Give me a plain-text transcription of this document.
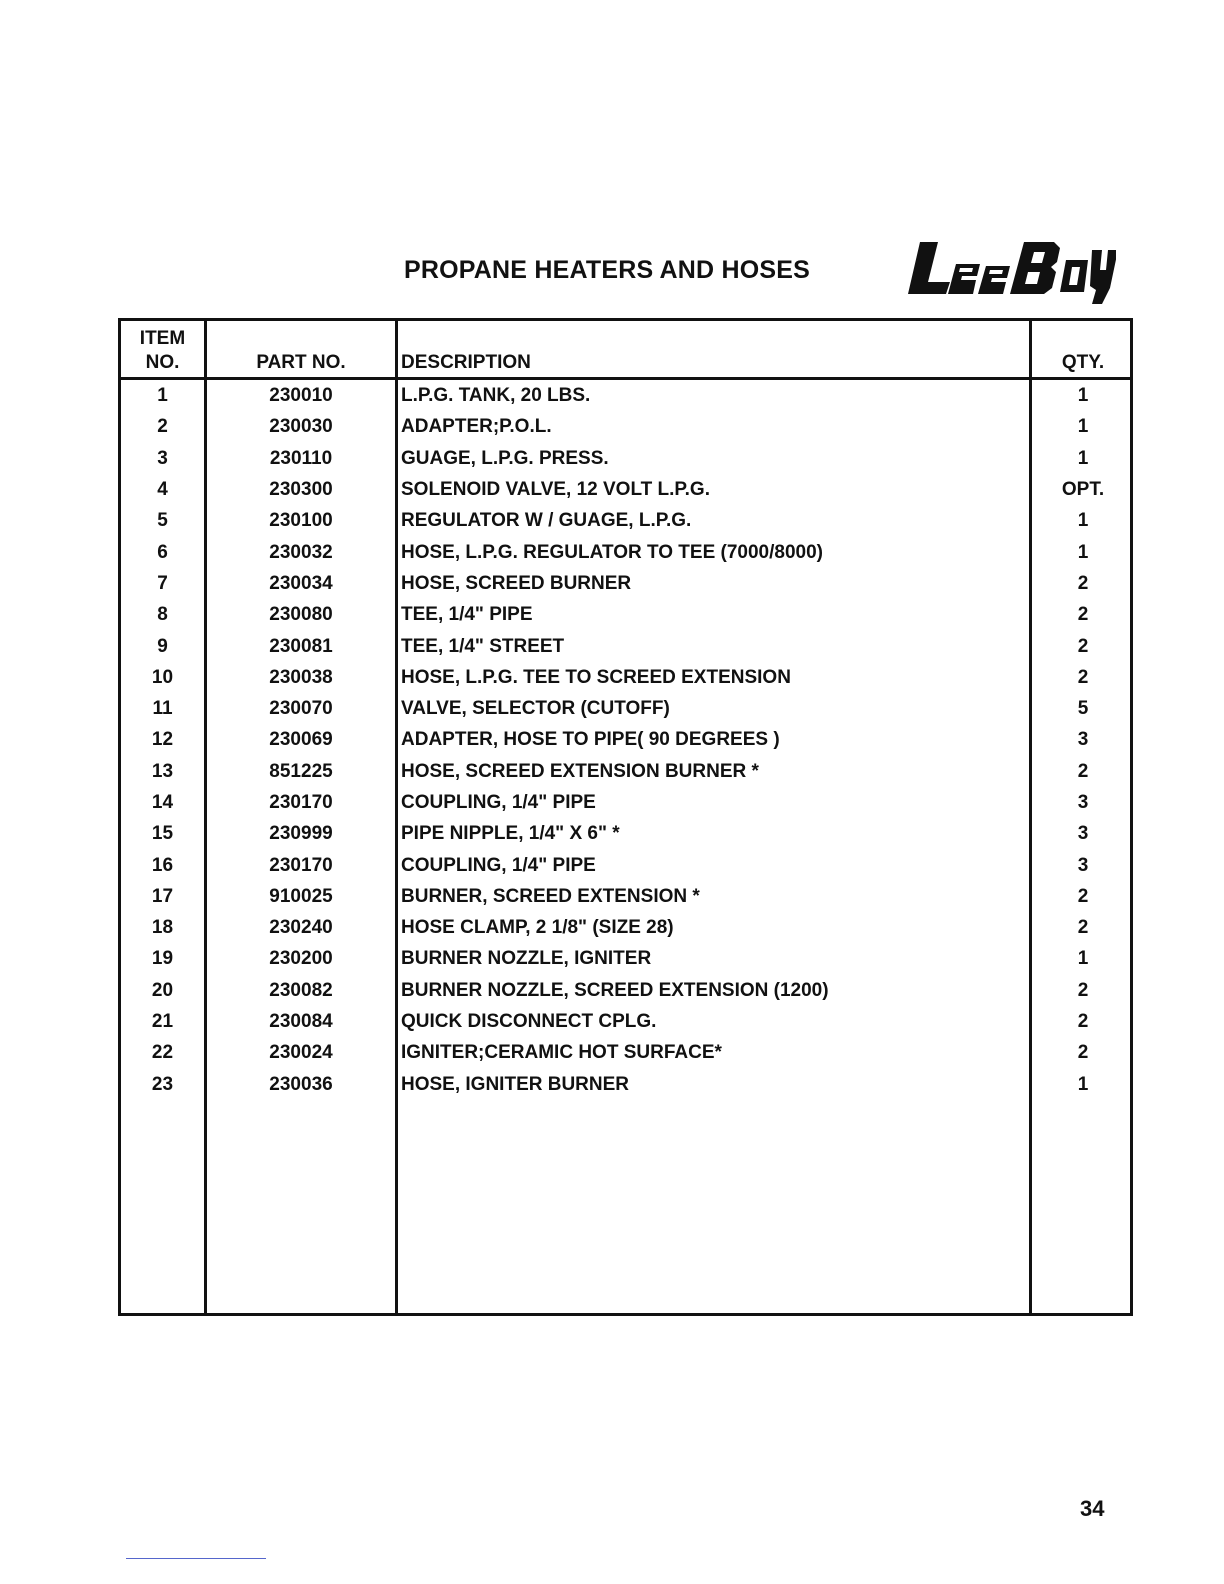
PROPANE HEATERS AND HOSES
ITEM
NO.	PART NO.	DESCRIPTION	QTY.
1	230010	L.P.G. TANK, 20 LBS.	1
2	230030	ADAPTER;P.O.L.	1
3	230110	GUAGE, L.P.G. PRESS.	1
4	230300	SOLENOID VALVE, 12 VOLT L.P.G.	OPT.
5	230100	REGULATOR W / GUAGE, L.P.G.	1
6	230032	HOSE, L.P.G. REGULATOR TO TEE (7000/8000)	1
7	230034	HOSE, SCREED BURNER	2
8	230080	TEE, 1/4" PIPE	2
9	230081	TEE, 1/4" STREET	2
10	230038	HOSE, L.P.G. TEE TO SCREED EXTENSION	2
11	230070	VALVE, SELECTOR (CUTOFF)	5
12	230069	ADAPTER, HOSE TO PIPE( 90 DEGREES )	3
13	851225	HOSE, SCREED EXTENSION BURNER *	2
14	230170	COUPLING, 1/4" PIPE	3
15	230999	PIPE NIPPLE, 1/4" X 6" *	3
16	230170	COUPLING, 1/4" PIPE	3
17	910025	BURNER, SCREED EXTENSION *	2
18	230240	HOSE CLAMP, 2 1/8" (SIZE 28)	2
19	230200	BURNER NOZZLE, IGNITER	1
20	230082	BURNER NOZZLE, SCREED EXTENSION (1200)	2
21	230084	QUICK DISCONNECT CPLG.	2
22	230024	IGNITER;CERAMIC HOT SURFACE*	2
23	230036	HOSE, IGNITER BURNER	1

34
